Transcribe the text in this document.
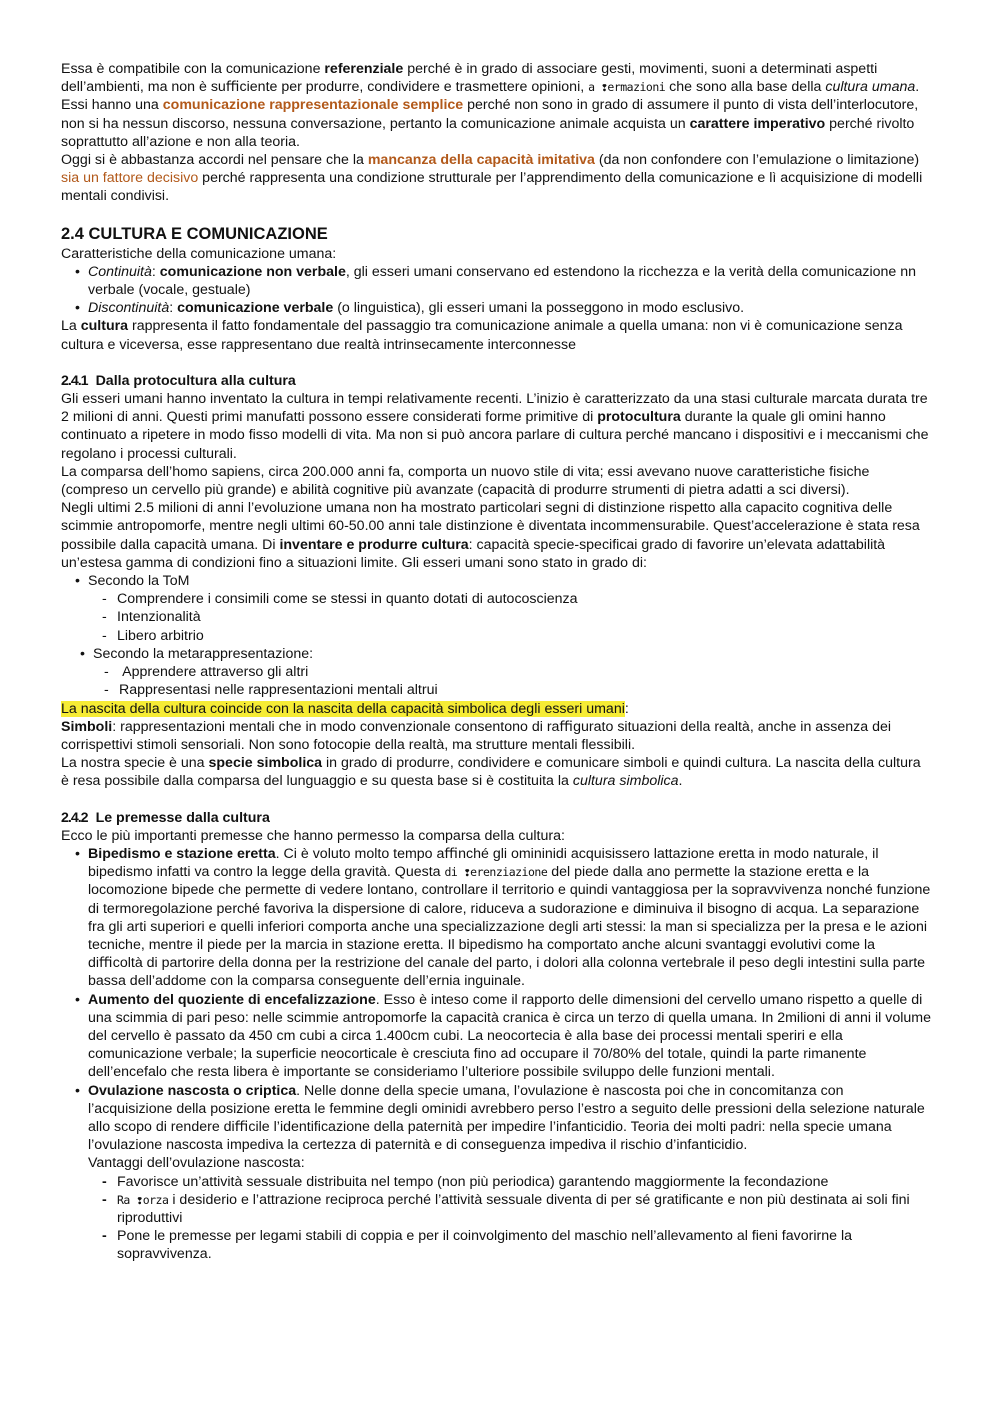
Essa è compatibile con la comunicazione referenziale perché è in grado di associare gesti, movimenti, suoni a determinati aspetti dell’ambienti, ma non è suﬃciente per produrre, condividere e trasmettere opinioni, a ❢ermazioni che sono alla base della cultura umana.

Essi hanno una comunicazione rappresentazionale semplice perché non sono in grado di assumere il punto di vista dell’interlocutore, non si ha nessun discorso, nessuna conversazione, pertanto la comunicazione animale acquista un carattere imperativo perché rivolto soprattutto all’azione e non alla teoria.

Oggi si è abbastanza accordi nel pensare che la mancanza della capacità imitativa (da non confondere con l’emulazione o limitazione) sia un fattore decisivo perché rappresenta una condizione strutturale per l’apprendimento della comunicazione e lì acquisizione di modelli mentali condivisi.

2.4 CULTURA E COMUNICAZIONE

Caratteristiche della comunicazione umana:

• Continuità: comunicazione non verbale, gli esseri umani conservano ed estendono la ricchezza e la verità della comunicazione nn verbale (vocale, gestuale)
• Discontinuità: comunicazione verbale (o linguistica), gli esseri umani la posseggono in modo esclusivo.

La cultura rappresenta il fatto fondamentale del passaggio tra comunicazione animale a quella umana: non vi è comunicazione senza cultura e viceversa, esse rappresentano due realtà intrinsecamente interconnesse

2.4.1 Dalla protocultura alla cultura

Gli esseri umani hanno inventato la cultura in tempi relativamente recenti. L’inizio è caratterizzato da una stasi culturale marcata durata tre 2 milioni di anni. Questi primi manufatti possono essere considerati forme primitive di protocultura durante la quale gli omini hanno continuato a ripetere in modo fisso modelli di vita. Ma non si può ancora parlare di cultura perché mancano i dispositivi e i meccanismi che regolano i processi culturali.

La comparsa dell’homo sapiens, circa 200.000 anni fa, comporta un nuovo stile di vita; essi avevano nuove caratteristiche fisiche (compreso un cervello più grande) e abilità cognitive più avanzate (capacità di produrre strumenti di pietra adatti a sci diversi).

Negli ultimi 2.5 milioni di anni l’evoluzione umana non ha mostrato particolari segni di distinzione rispetto alla capacito cognitiva delle scimmie antropomorfe, mentre negli ultimi 60-50.00 anni tale distinzione è diventata incommensurabile. Quest’accelerazione è stata resa possibile dalla capacità umana. Di inventare e produrre cultura: capacità specie-specificai grado di favorire un’elevata adattabilità un’estesa gamma di condizioni fino a situazioni limite. Gli esseri umani sono stato in grado di:

• Secondo la ToM
- Comprendere i consimili come se stessi in quanto dotati di autocoscienza
- Intenzionalità
- Libero arbitrio
• Secondo la metarappresentazione:
-  Apprendere attraverso gli altri
- Rappresentasi nelle rappresentazioni mentali altrui

La nascita della cultura coincide con la nascita della capacità simbolica degli esseri umani:

Simboli: rappresentazioni mentali che in modo convenzionale consentono di raﬃgurato situazioni della realtà, anche in assenza dei corrispettivi stimoli sensoriali. Non sono fotocopie della realtà, ma strutture mentali flessibili.

La nostra specie è una specie simbolica in grado di produrre, condividere e comunicare simboli e quindi cultura. La nascita della cultura è resa possibile dalla comparsa del lunguaggio e su questa base si è costituita la cultura simbolica.

2.4.2 Le premesse dalla cultura

Ecco le più importanti premesse che hanno permesso la comparsa della cultura:

• Bipedismo e stazione eretta. Ci è voluto molto tempo aﬃnché gli omininidi acquisissero lattazione eretta in modo naturale, il bipedismo infatti va contro la legge della gravità. Questa di ❢erenziazione del piede dalla ano permette la stazione eretta e la locomozione bipede che permette di vedere lontano, controllare il territorio e quindi vantaggiosa per la sopravvivenza nonché funzione di termoregolazione perché favoriva la dispersione di calore, riduceva a sudorazione e diminuiva il bisogno di acqua. La separazione fra gli arti superiori e quelli inferiori comporta anche una specializzazione degli arti stessi: la man si specializza per la presa e le azioni tecniche, mentre il piede per la marcia in stazione eretta. Il bipedismo ha comportato anche alcuni svantaggi evolutivi come la diﬃcoltà di partorire della donna per la restrizione del canale del parto, i dolori alla colonna vertebrale il peso degli intestini sulla parte bassa dell’addome con la comparsa conseguente dell’ernia inguinale.
• Aumento del quoziente di encefalizzazione. Esso è inteso come il rapporto delle dimensioni del cervello umano rispetto a quelle di una scimmia di pari peso: nelle scimmie antropomorfe la capacità cranica è circa un terzo di quella umana. In 2milioni di anni il volume del cervello è passato da 450 cm cubi a circa 1.400cm cubi. La neocortecia è alla base dei processi mentali speriri e ella comunicazione verbale; la superficie neocorticale è cresciuta fino ad occupare il 70/80% del totale, quindi la parte rimanente dell’encefalo che resta libera è importante se consideriamo l’ulteriore possibile sviluppo delle funzioni mentali.
• Ovulazione nascosta o criptica. Nelle donne della specie umana, l’ovulazione è nascosta poi che in concomitanza con l’acquisizione della posizione eretta le femmine degli ominidi avrebbero perso l’estro a seguito delle pressioni della selezione naturale allo scopo di rendere diﬃcile l’identificazione della paternità per impedire l’infanticidio. Teoria dei molti padri: nella specie umana l’ovulazione nascosta impediva la certezza di paternità e di conseguenza impediva il rischio d’infanticidio.
Vantaggi dell’ovulazione nascosta:
- Favorisce un’attività sessuale distribuita nel tempo (non più periodica) garantendo maggiormente la fecondazione
- Ra ❢orza i desiderio e l’attrazione reciproca perché l’attività sessuale diventa di per sé gratificante e non più destinata ai soli fini riproduttivi
- Pone le premesse per legami stabili di coppia e per il coinvolgimento del maschio nell’allevamento al fieni favorirne la sopravvivenza.
